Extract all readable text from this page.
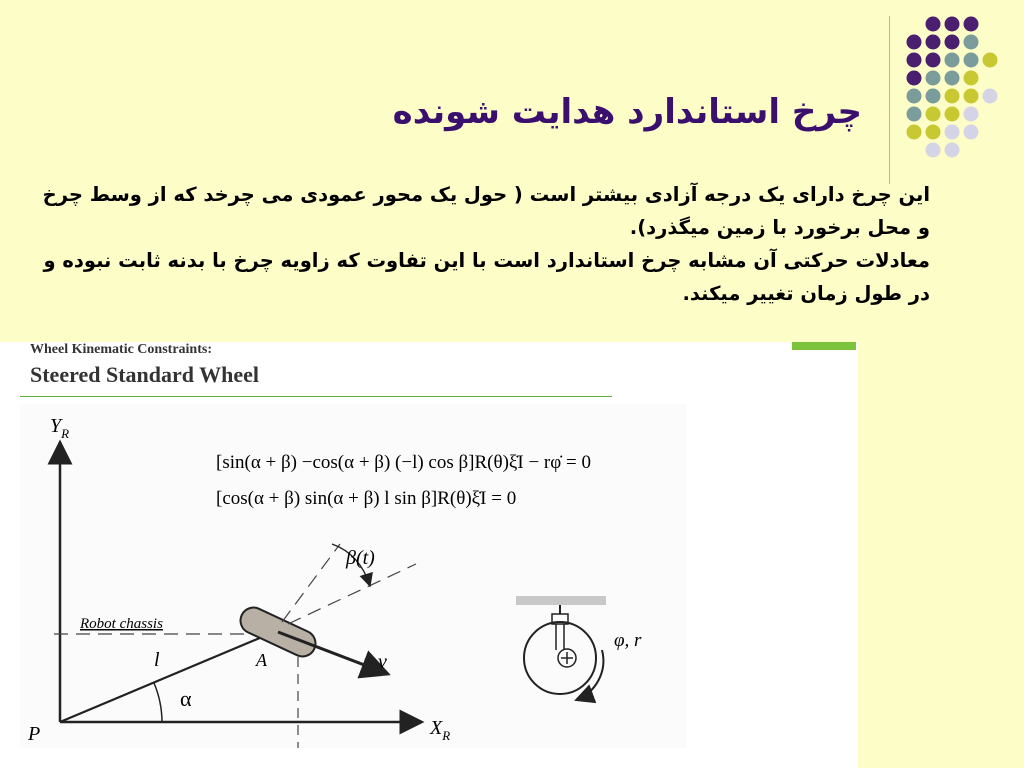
چرخ استاندارد هدایت شونده

این چرخ دارای یک درجه آزادی بیشتر است ( حول یک محور عمودی می چرخد که از وسط چرخ و محل برخورد با زمین میگذرد).

معادلات حرکتی آن مشابه چرخ استاندارد است با این تفاوت که زاویه چرخ با بدنه ثابت نبوده و در طول زمان تغییر میکند.

Wheel Kinematic Constraints:
Steered Standard Wheel
$Y_R$
$X_R$
P
Robot chassis
l	A
α
v
β(t)
[sin(α + β) −cos(α + β) (−l) cos β]R(θ)ξ̇I − rφ̇ = 0
[cos(α + β) sin(α + β) l sin β]R(θ)ξ̇I = 0
φ, r
